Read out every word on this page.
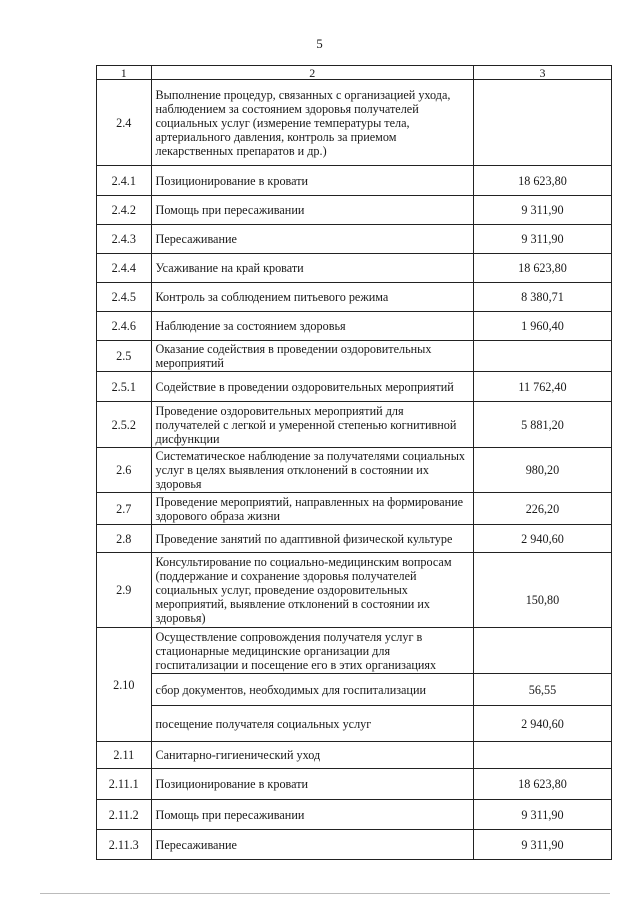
5
1	2	3
2.4	Выполнение процедур, связанных с организацией ухода, наблюдением за состоянием здоровья получателей социальных услуг (измерение температуры тела, артериального давления, контроль за приемом лекарственных препаратов и др.)	
2.4.1	Позиционирование в кровати	18 623,80
2.4.2	Помощь при пересаживании	9 311,90
2.4.3	Пересаживание	9 311,90
2.4.4	Усаживание на край кровати	18 623,80
2.4.5	Контроль за соблюдением питьевого режима	8 380,71
2.4.6	Наблюдение за состоянием здоровья	1 960,40
2.5	Оказание содействия в проведении оздоровительных мероприятий	
2.5.1	Содействие в проведении оздоровительных мероприятий	11 762,40
2.5.2	Проведение оздоровительных мероприятий для получателей с легкой и умеренной степенью когнитивной дисфункции	5 881,20
2.6	Систематическое наблюдение за получателями социальных услуг в целях выявления отклонений в состоянии их здоровья	980,20
2.7	Проведение мероприятий, направленных на формирование здорового образа жизни	226,20
2.8	Проведение занятий по адаптивной физической культуре	2 940,60
2.9	Консультирование по социально-медицинским вопросам (поддержание и сохранение здоровья получателей социальных услуг, проведение оздоровительных мероприятий, выявление отклонений в состоянии их здоровья)	150,80
2.10	Осуществление сопровождения получателя услуг в стационарные медицинские организации для госпитализации и посещение его в этих организациях	
	сбор документов, необходимых для госпитализации	56,55
	посещение получателя социальных услуг	2 940,60
2.11	Санитарно-гигиенический уход	
2.11.1	Позиционирование в кровати	18 623,80
2.11.2	Помощь при пересаживании	9 311,90
2.11.3	Пересаживание	9 311,90
